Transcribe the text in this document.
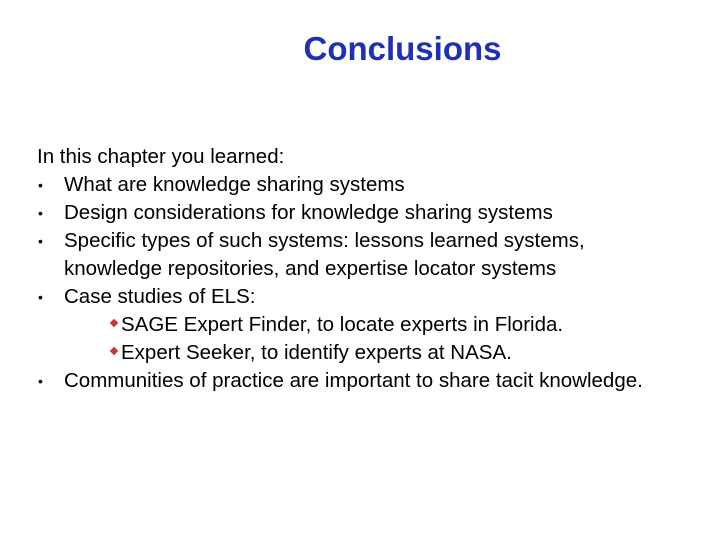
Conclusions

In this chapter you learned:

• What are knowledge sharing systems
• Design considerations for knowledge sharing systems
• Specific types of such systems: lessons learned systems, knowledge repositories, and expertise locator systems
• Case studies of ELS:
SAGE Expert Finder, to locate experts in Florida.
Expert Seeker, to identify experts at NASA.
• Communities of practice are important to share tacit knowledge.
